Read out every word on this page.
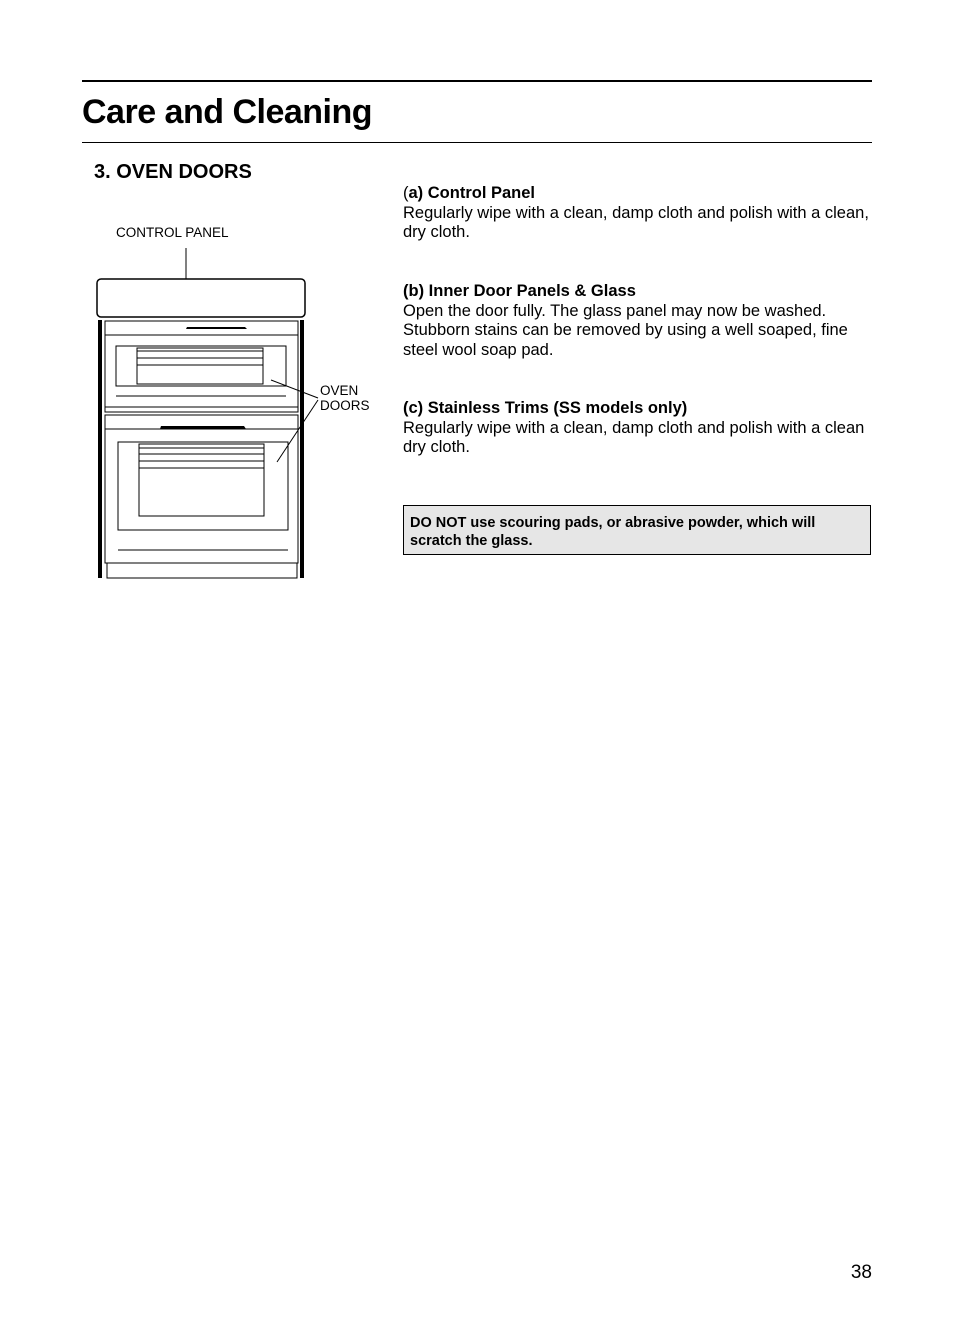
Care and Cleaning
3. OVEN DOORS
CONTROL PANEL
OVEN
DOORS

(a) Control Panel

Regularly wipe with a clean, damp cloth and polish with a clean, dry cloth.

(b) Inner Door Panels & Glass

Open the door fully. The glass panel may now be washed. Stubborn stains can be removed by using a well soaped, fine steel wool soap pad.

(c) Stainless Trims (SS models only)

Regularly wipe with a clean, damp cloth and polish with a clean dry cloth.

DO NOT use scouring pads, or abrasive powder, which will scratch the glass.
38
